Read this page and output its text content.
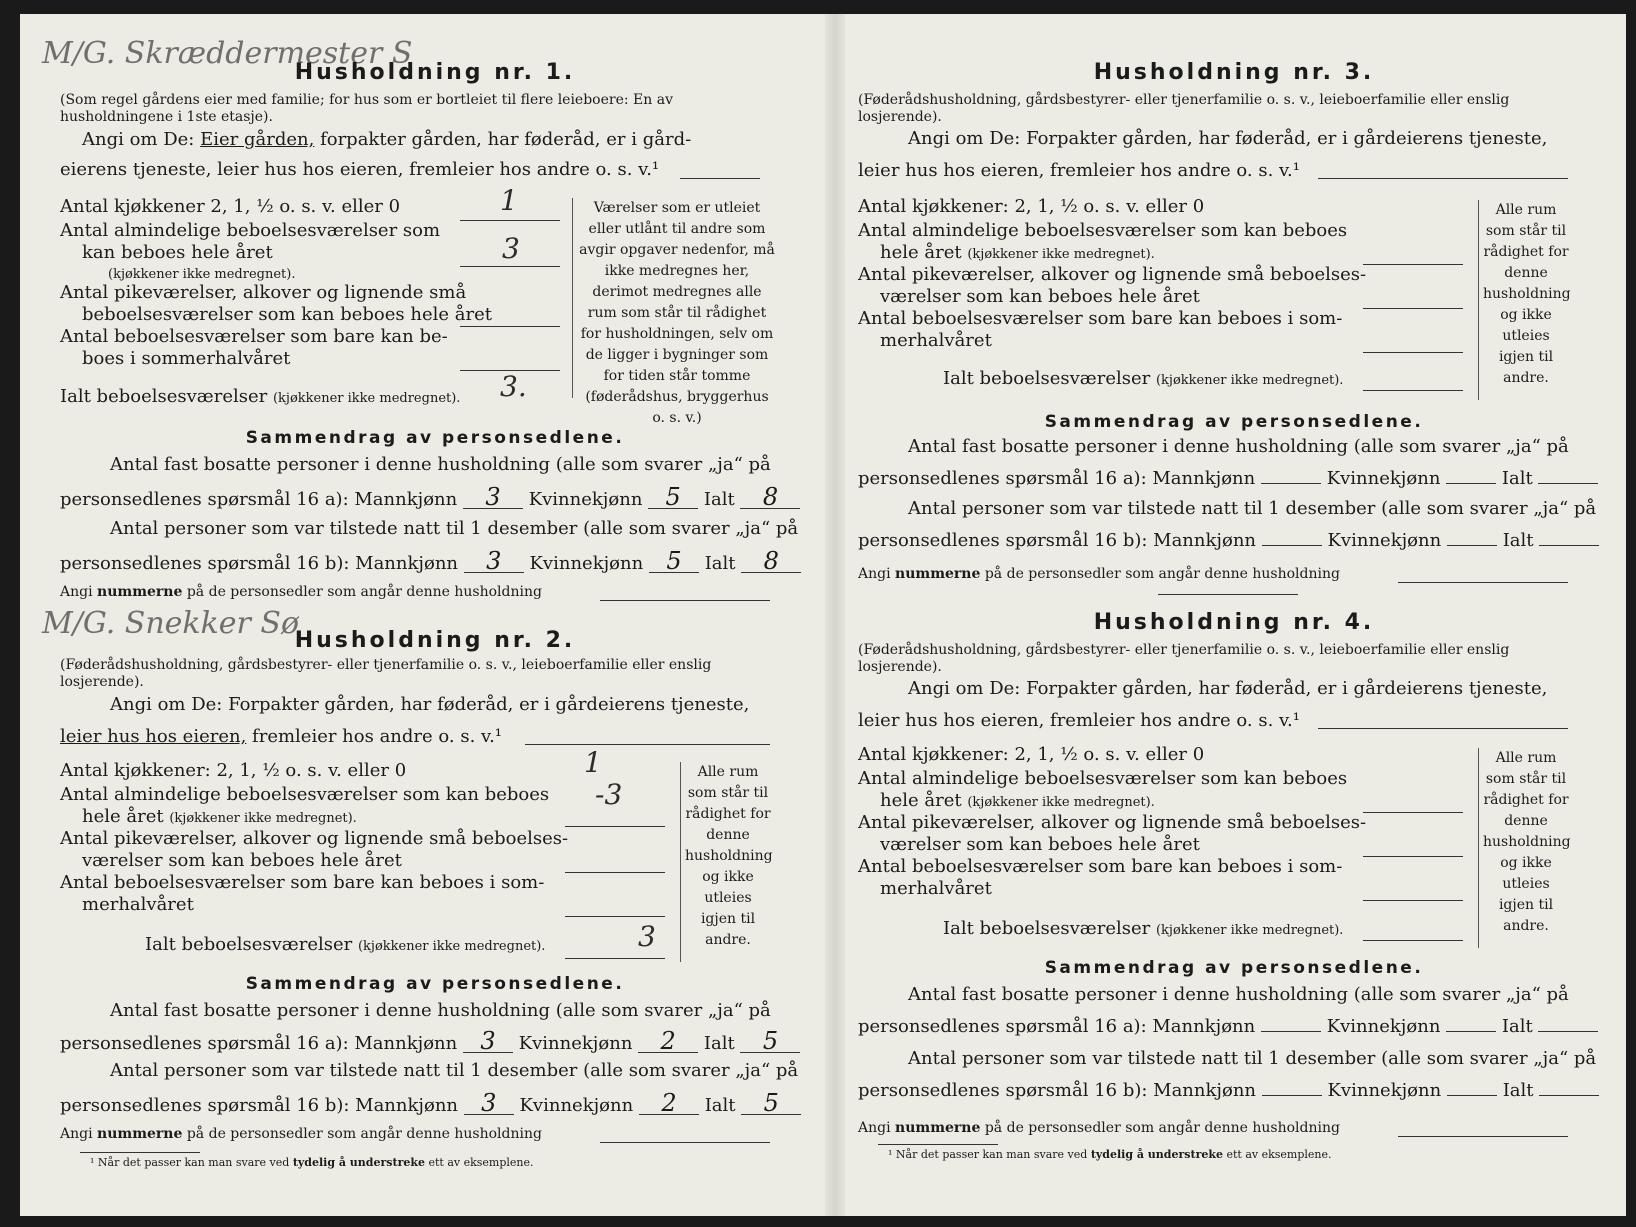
M/G. Skræddermester S
Husholdning nr. 1.
(Som regel gårdens eier med familie; for hus som er bortleiet til flere leieboere: En av husholdningene i 1ste etasje).
Angi om De: Eier gården, forpakter gården, har føderåd, er i gård-
eierens tjeneste, leier hus hos eieren, fremleier hos andre o. s. v.¹
Antal kjøkkener 2, 1, ½ o. s. v. eller 0	1
Antal almindelige beboelsesværelser som
kan beboes hele året	3
(kjøkkener ikke medregnet).
Antal pikeværelser, alkover og lignende små
beboelsesværelser som kan beboes hele året
Antal beboelsesværelser som bare kan be-
boes i sommerhalvåret
Ialt beboelsesværelser (kjøkkener ikke medregnet). 3.
Værelser som er utleiet eller utlånt til andre som avgir opgaver nedenfor, må ikke medregnes her, derimot medregnes alle rum som står til rådighet for husholdningen, selv om de ligger i bygninger som for tiden står tomme (føderådshus, bryggerhus o. s. v.)
Sammendrag av personsedlene.
Antal fast bosatte personer i denne husholdning (alle som svarer „ja“ på
personsedlenes spørsmål 16 a): Mannkjønn 3 Kvinnekjønn 5 Ialt 8
Antal personer som var tilstede natt til 1 desember (alle som svarer „ja“ på
personsedlenes spørsmål 16 b): Mannkjønn 3 Kvinnekjønn 5 Ialt 8
Angi nummerne på de personsedler som angår denne husholdning
M/G. Snekker Sø
Husholdning nr. 2.
(Føderådshusholdning, gårdsbestyrer- eller tjenerfamilie o. s. v., leieboerfamilie eller enslig losjerende).
Angi om De: Forpakter gården, har føderåd, er i gårdeierens tjeneste,
leier hus hos eieren, fremleier hos andre o. s. v.¹
Antal kjøkkener: 2, 1, ½ o. s. v. eller 0	1
Antal almindelige beboelsesværelser som kan beboes -3
hele året (kjøkkener ikke medregnet).
Antal pikeværelser, alkover og lignende små beboelses-
værelser som kan beboes hele året
Antal beboelsesværelser som bare kan beboes i som-
merhalvåret
Ialt beboelsesværelser (kjøkkener ikke medregnet).	3
Alle rum som står til rådighet for denne husholdning og ikke utleies igjen til andre.
Sammendrag av personsedlene.
Antal fast bosatte personer i denne husholdning (alle som svarer „ja“ på
personsedlenes spørsmål 16 a): Mannkjønn 3 Kvinnekjønn 2 Ialt 5
Antal personer som var tilstede natt til 1 desember (alle som svarer „ja“ på
personsedlenes spørsmål 16 b): Mannkjønn 3 Kvinnekjønn 2 Ialt 5
Angi nummerne på de personsedler som angår denne husholdning
¹ Når det passer kan man svare ved tydelig å understreke ett av eksemplene.
Husholdning nr. 3.
(Føderådshusholdning, gårdsbestyrer- eller tjenerfamilie o. s. v., leieboerfamilie eller enslig losjerende).
Angi om De: Forpakter gården, har føderåd, er i gårdeierens tjeneste,
leier hus hos eieren, fremleier hos andre o. s. v.¹
Antal kjøkkener: 2, 1, ½ o. s. v. eller 0
Antal almindelige beboelsesværelser som kan beboes
hele året (kjøkkener ikke medregnet).
Antal pikeværelser, alkover og lignende små beboelses-
værelser som kan beboes hele året
Antal beboelsesværelser som bare kan beboes i som-
merhalvåret
Ialt beboelsesværelser (kjøkkener ikke medregnet).
Alle rum som står til rådighet for denne husholdning og ikke utleies igjen til andre.
Sammendrag av personsedlene.
Antal fast bosatte personer i denne husholdning (alle som svarer „ja“ på
personsedlenes spørsmål 16 a): Mannkjønn	Kvinnekjønn	Ialt
Antal personer som var tilstede natt til 1 desember (alle som svarer „ja“ på
personsedlenes spørsmål 16 b): Mannkjønn	Kvinnekjønn	Ialt
Angi nummerne på de personsedler som angår denne husholdning
Husholdning nr. 4.
(Føderådshusholdning, gårdsbestyrer- eller tjenerfamilie o. s. v., leieboerfamilie eller enslig losjerende).
Angi om De: Forpakter gården, har føderåd, er i gårdeierens tjeneste,
leier hus hos eieren, fremleier hos andre o. s. v.¹
Antal kjøkkener: 2, 1, ½ o. s. v. eller 0
Antal almindelige beboelsesværelser som kan beboes
hele året (kjøkkener ikke medregnet).
Antal pikeværelser, alkover og lignende små beboelses-
værelser som kan beboes hele året
Antal beboelsesværelser som bare kan beboes i som-
merhalvåret
Ialt beboelsesværelser (kjøkkener ikke medregnet).
Alle rum som står til rådighet for denne husholdning og ikke utleies igjen til andre.
Sammendrag av personsedlene.
Antal fast bosatte personer i denne husholdning (alle som svarer „ja“ på
personsedlenes spørsmål 16 a): Mannkjønn	Kvinnekjønn	Ialt
Antal personer som var tilstede natt til 1 desember (alle som svarer „ja“ på
personsedlenes spørsmål 16 b): Mannkjønn	Kvinnekjønn	Ialt
Angi nummerne på de personsedler som angår denne husholdning
¹ Når det passer kan man svare ved tydelig å understreke ett av eksemplene.
